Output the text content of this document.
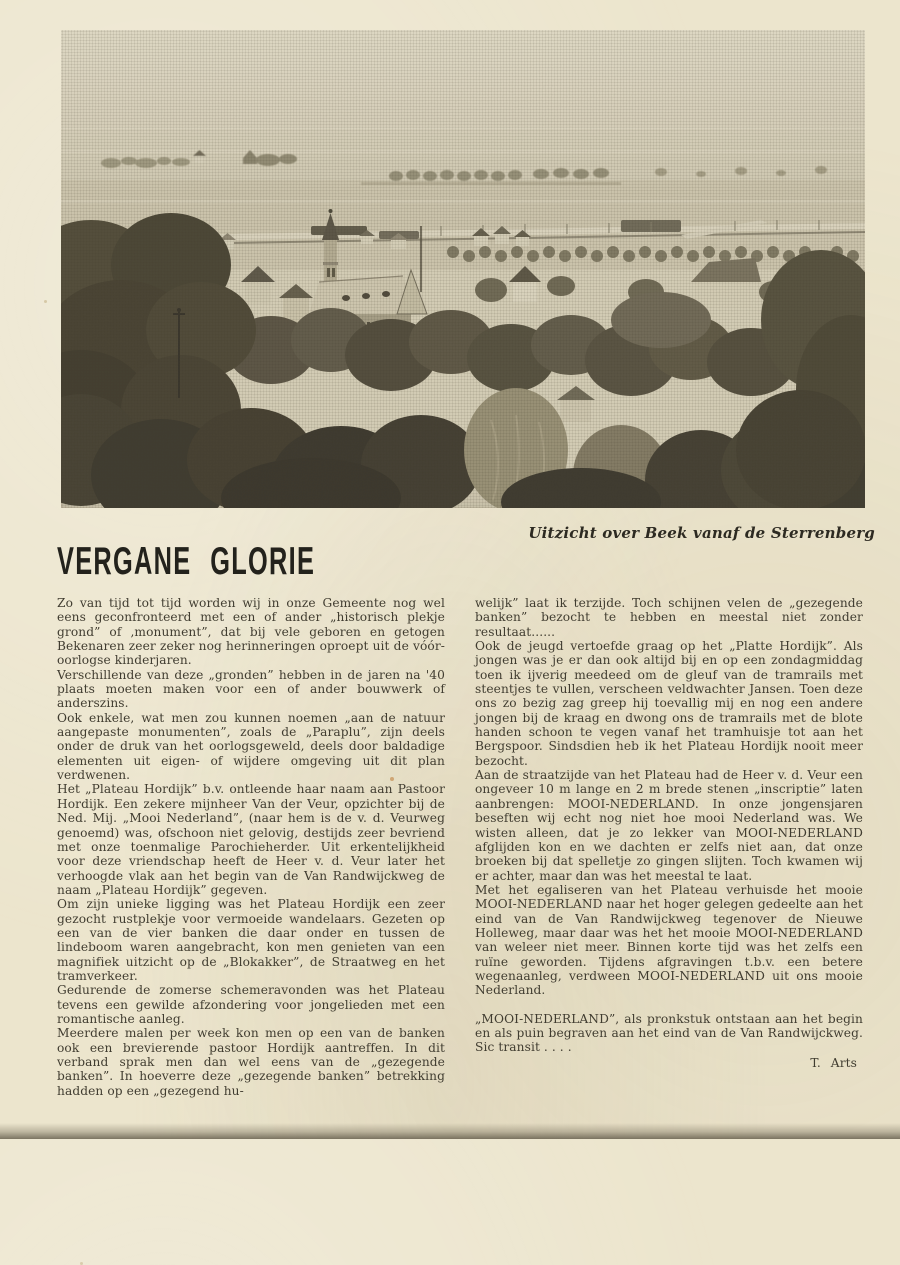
Uitzicht over Beek vanaf de Sterrenberg
VERGANE GLORIE

Zo van tijd tot tijd worden wij in onze Gemeente nog wel eens geconfronteerd met een of ander „historisch plekje grond” of ,monument”, dat bij vele geboren en getogen Bekenaren zeer zeker nog herinneringen oproept uit de vóór-oorlogse kinderjaren.

Verschillende van deze „gronden” hebben in de jaren na '40 plaats moeten maken voor een of ander bouwwerk of anderszins.

Ook enkele, wat men zou kunnen noemen „aan de natuur aangepaste monumenten”, zoals de „Paraplu”, zijn deels onder de druk van het oorlogsgeweld, deels door baldadige elementen uit eigen- of wijdere omgeving uit dit plan verdwenen.

Het „Plateau Hordijk” b.v. ontleende haar naam aan Pastoor Hordijk. Een zekere mijnheer Van der Veur, opzichter bij de Ned. Mij. „Mooi Nederland”, (naar hem is de v. d. Veurweg genoemd) was, ofschoon niet gelovig, destijds zeer bevriend met onze toenmalige Parochieherder. Uit erkentelijkheid voor deze vriendschap heeft de Heer v. d. Veur later het verhoogde vlak aan het begin van de Van Randwijckweg de naam „Plateau Hordijk” gegeven.

Om zijn unieke ligging was het Plateau Hordijk een zeer gezocht rustplekje voor vermoeide wandelaars. Gezeten op een van de vier banken die daar onder en tussen de lindeboom waren aangebracht, kon men genieten van een magnifiek uitzicht op de „Blokakker”, de Straatweg en het tramverkeer.

Gedurende de zomerse schemeravonden was het Plateau tevens een gewilde afzondering voor jongelieden met een romantische aanleg.

Meerdere malen per week kon men op een van de banken ook een brevierende pastoor Hordijk aantreffen. In dit verband sprak men dan wel eens van de „gezegende banken”. In hoeverre deze „gezegende banken” betrekking hadden op een „gezegend hu-

welijk” laat ik terzijde. Toch schijnen velen de „gezegende banken” bezocht te hebben en meestal niet zonder resultaat......

Ook de jeugd vertoefde graag op het „Platte Hordijk”. Als jongen was je er dan ook altijd bij en op een zondagmiddag toen ik ijverig meedeed om de gleuf van de tramrails met steentjes te vullen, verscheen veldwachter Jansen. Toen deze ons zo bezig zag greep hij toevallig mij en nog een andere jongen bij de kraag en dwong ons de tramrails met de blote handen schoon te vegen vanaf het tramhuisje tot aan het Bergspoor. Sindsdien heb ik het Plateau Hordijk nooit meer bezocht.

Aan de straatzijde van het Plateau had de Heer v. d. Veur een ongeveer 10 m lange en 2 m brede stenen „inscriptie” laten aanbrengen: MOOI-NEDERLAND. In onze jongensjaren beseften wij echt nog niet hoe mooi Nederland was. We wisten alleen, dat je zo lekker van MOOI-NEDERLAND afglijden kon en we dachten er zelfs niet aan, dat onze broeken bij dat spelletje zo gingen slijten. Toch kwamen wij er achter, maar dan was het meestal te laat.

Met het egaliseren van het Plateau verhuisde het mooie MOOI-NEDERLAND naar het hoger gelegen gedeelte aan het eind van de Van Randwijckweg tegenover de Nieuwe Holleweg, maar daar was het het mooie MOOI-NEDERLAND van weleer niet meer. Binnen korte tijd was het zelfs een ruïne geworden. Tijdens afgravingen t.b.v. een betere wegenaanleg, verdween MOOI-NEDERLAND uit ons mooie Nederland.

„MOOI-NEDERLAND”, als pronkstuk ontstaan aan het begin en als puin begraven aan het eind van de Van Randwijckweg. Sic transit . . . .

T. Arts
